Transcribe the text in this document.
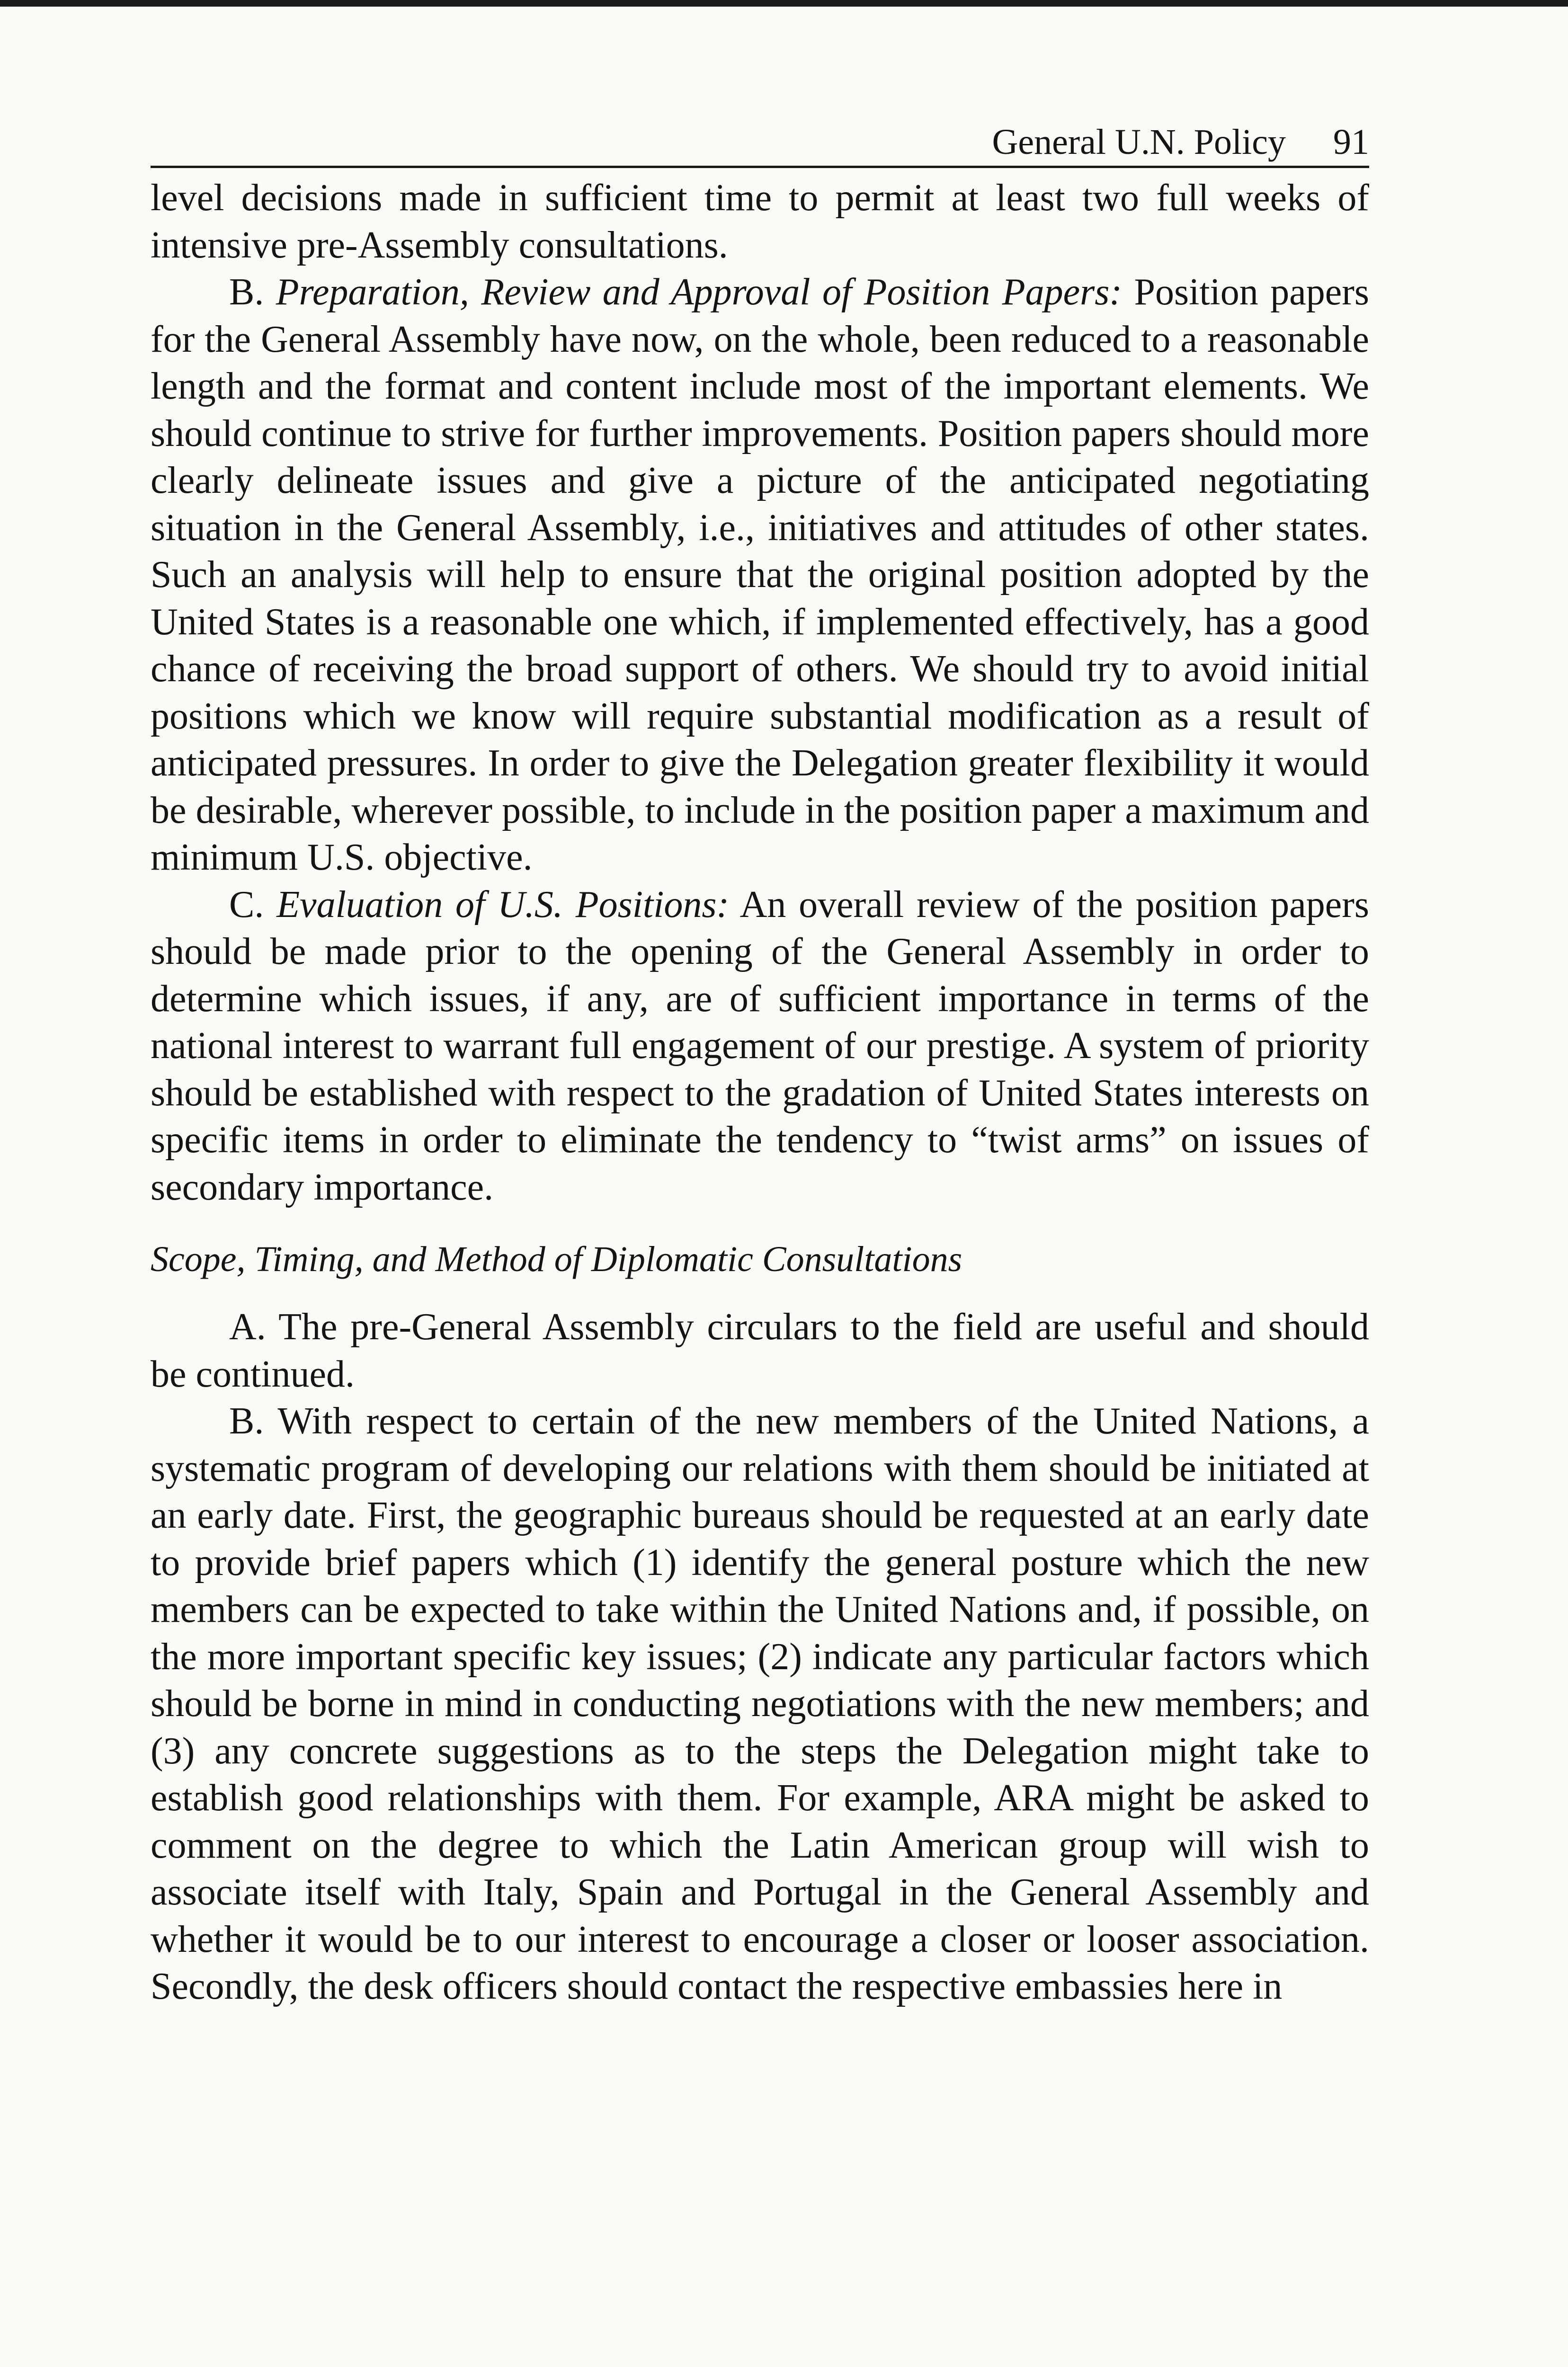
General U.N. Policy 91

level decisions made in sufficient time to permit at least two full weeks of intensive pre-Assembly consultations.

B. Preparation, Review and Approval of Position Papers: Position papers for the General Assembly have now, on the whole, been reduced to a reasonable length and the format and content include most of the important elements. We should continue to strive for further improvements. Position papers should more clearly delineate issues and give a picture of the anticipated negotiating situation in the General Assembly, i.e., initiatives and attitudes of other states. Such an analysis will help to ensure that the original position adopted by the United States is a reasonable one which, if implemented effectively, has a good chance of receiving the broad support of others. We should try to avoid initial positions which we know will require substantial modification as a result of anticipated pressures. In order to give the Delegation greater flexibility it would be desirable, wherever possible, to include in the position paper a maximum and minimum U.S. objective.

C. Evaluation of U.S. Positions: An overall review of the position papers should be made prior to the opening of the General Assembly in order to determine which issues, if any, are of sufficient importance in terms of the national interest to warrant full engagement of our prestige. A system of priority should be established with respect to the gradation of United States interests on specific items in order to eliminate the tendency to “twist arms” on issues of secondary importance.

Scope, Timing, and Method of Diplomatic Consultations

A. The pre-General Assembly circulars to the field are useful and should be continued.

B. With respect to certain of the new members of the United Nations, a systematic program of developing our relations with them should be initiated at an early date. First, the geographic bureaus should be requested at an early date to provide brief papers which (1) identify the general posture which the new members can be expected to take within the United Nations and, if possible, on the more important specific key issues; (2) indicate any particular factors which should be borne in mind in conducting negotiations with the new members; and (3) any concrete suggestions as to the steps the Delegation might take to establish good relationships with them. For example, ARA might be asked to comment on the degree to which the Latin American group will wish to associate itself with Italy, Spain and Portugal in the General Assembly and whether it would be to our interest to encourage a closer or looser association. Secondly, the desk officers should contact the respective embassies here in
